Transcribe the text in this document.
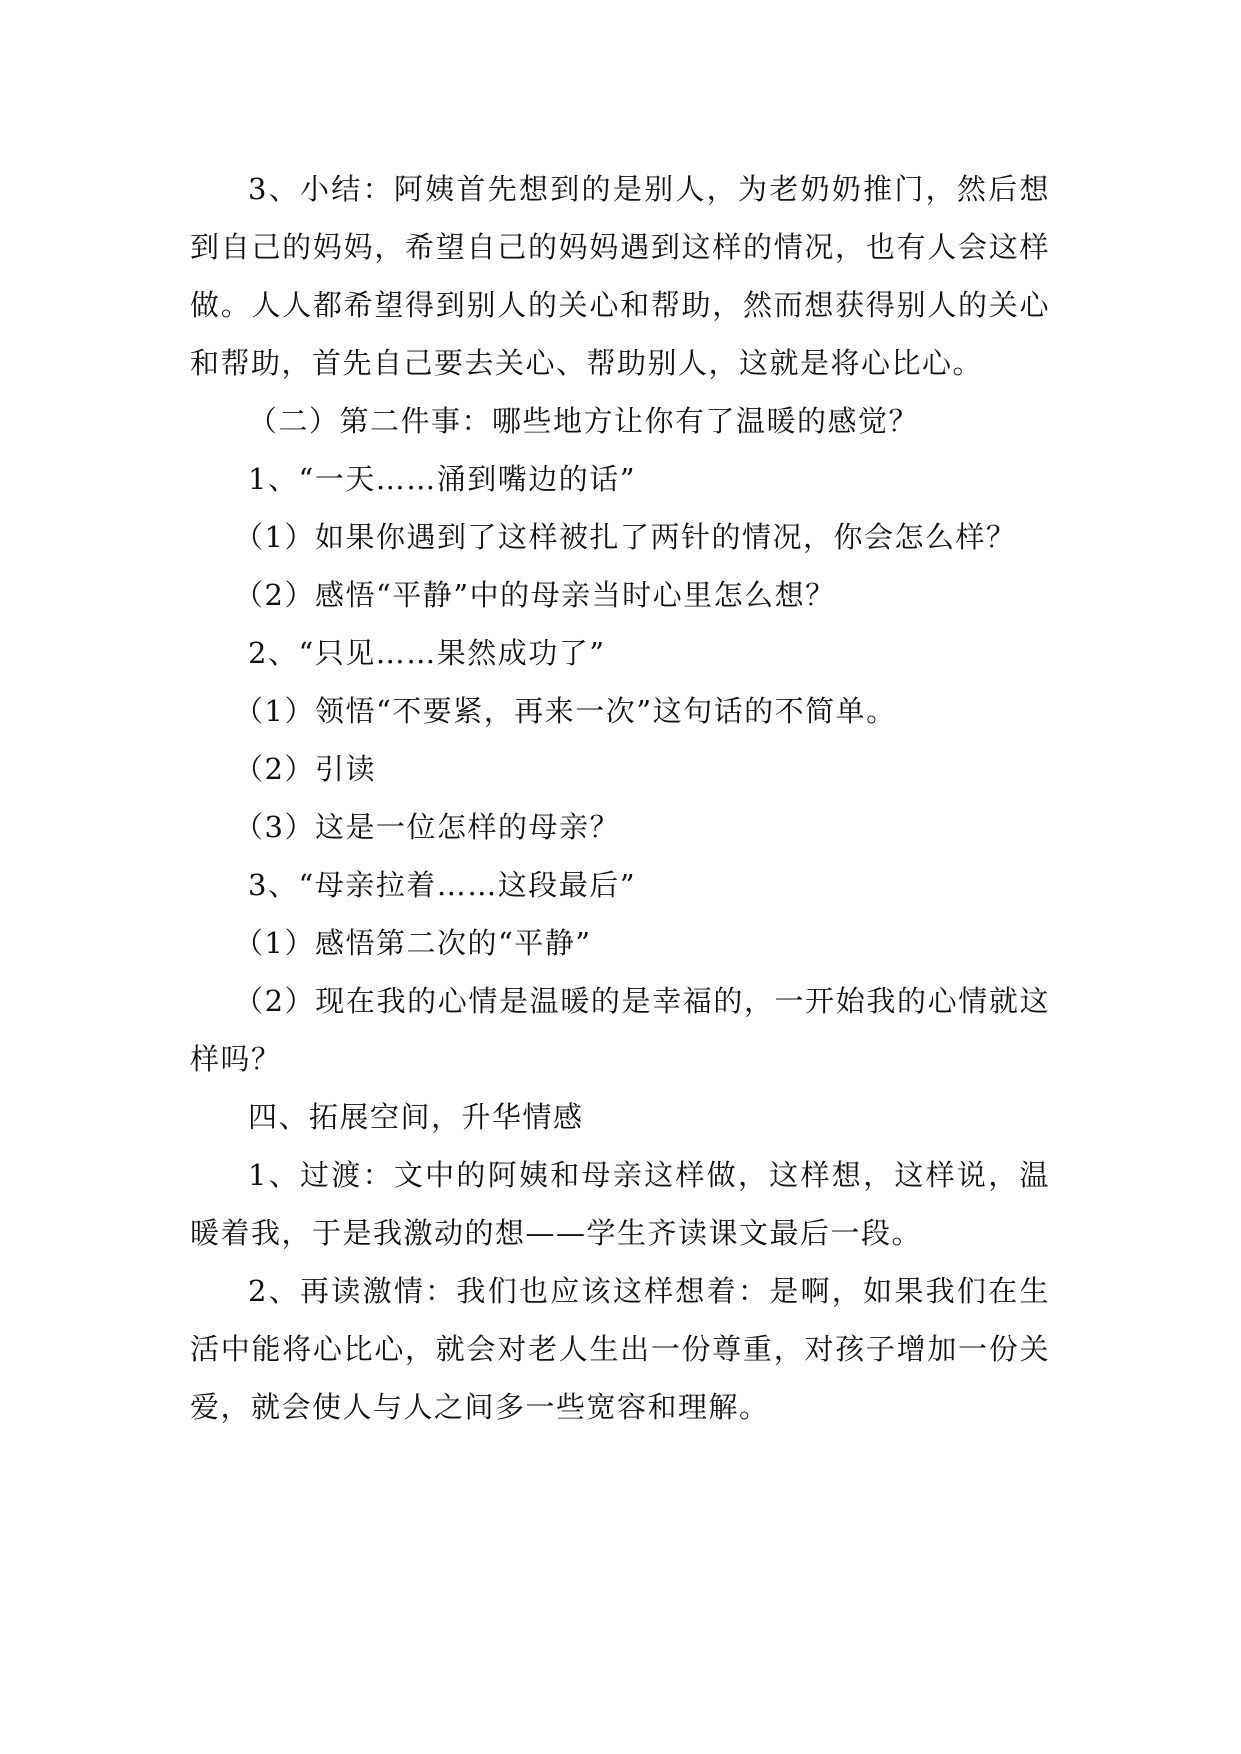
3、小结：阿姨首先想到的是别人，为老奶奶推门，然后想到自己的妈妈，希望自己的妈妈遇到这样的情况，也有人会这样做。人人都希望得到别人的关心和帮助，然而想获得别人的关心和帮助，首先自己要去关心、帮助别人，这就是将心比心。

（二）第二件事：哪些地方让你有了温暖的感觉？

1、“一天……涌到嘴边的话”

（1）如果你遇到了这样被扎了两针的情况，你会怎么样？

（2）感悟“平静”中的母亲当时心里怎么想？

2、“只见……果然成功了”

（1）领悟“不要紧，再来一次”这句话的不简单。

（2）引读

（3）这是一位怎样的母亲？

3、“母亲拉着……这段最后”

（1）感悟第二次的“平静”

（2）现在我的心情是温暖的是幸福的，一开始我的心情就这样吗？

四、拓展空间，升华情感

1、过渡：文中的阿姨和母亲这样做，这样想，这样说，温暖着我，于是我激动的想——学生齐读课文最后一段。

2、再读激情：我们也应该这样想着：是啊，如果我们在生活中能将心比心，就会对老人生出一份尊重，对孩子增加一份关爱，就会使人与人之间多一些宽容和理解。
